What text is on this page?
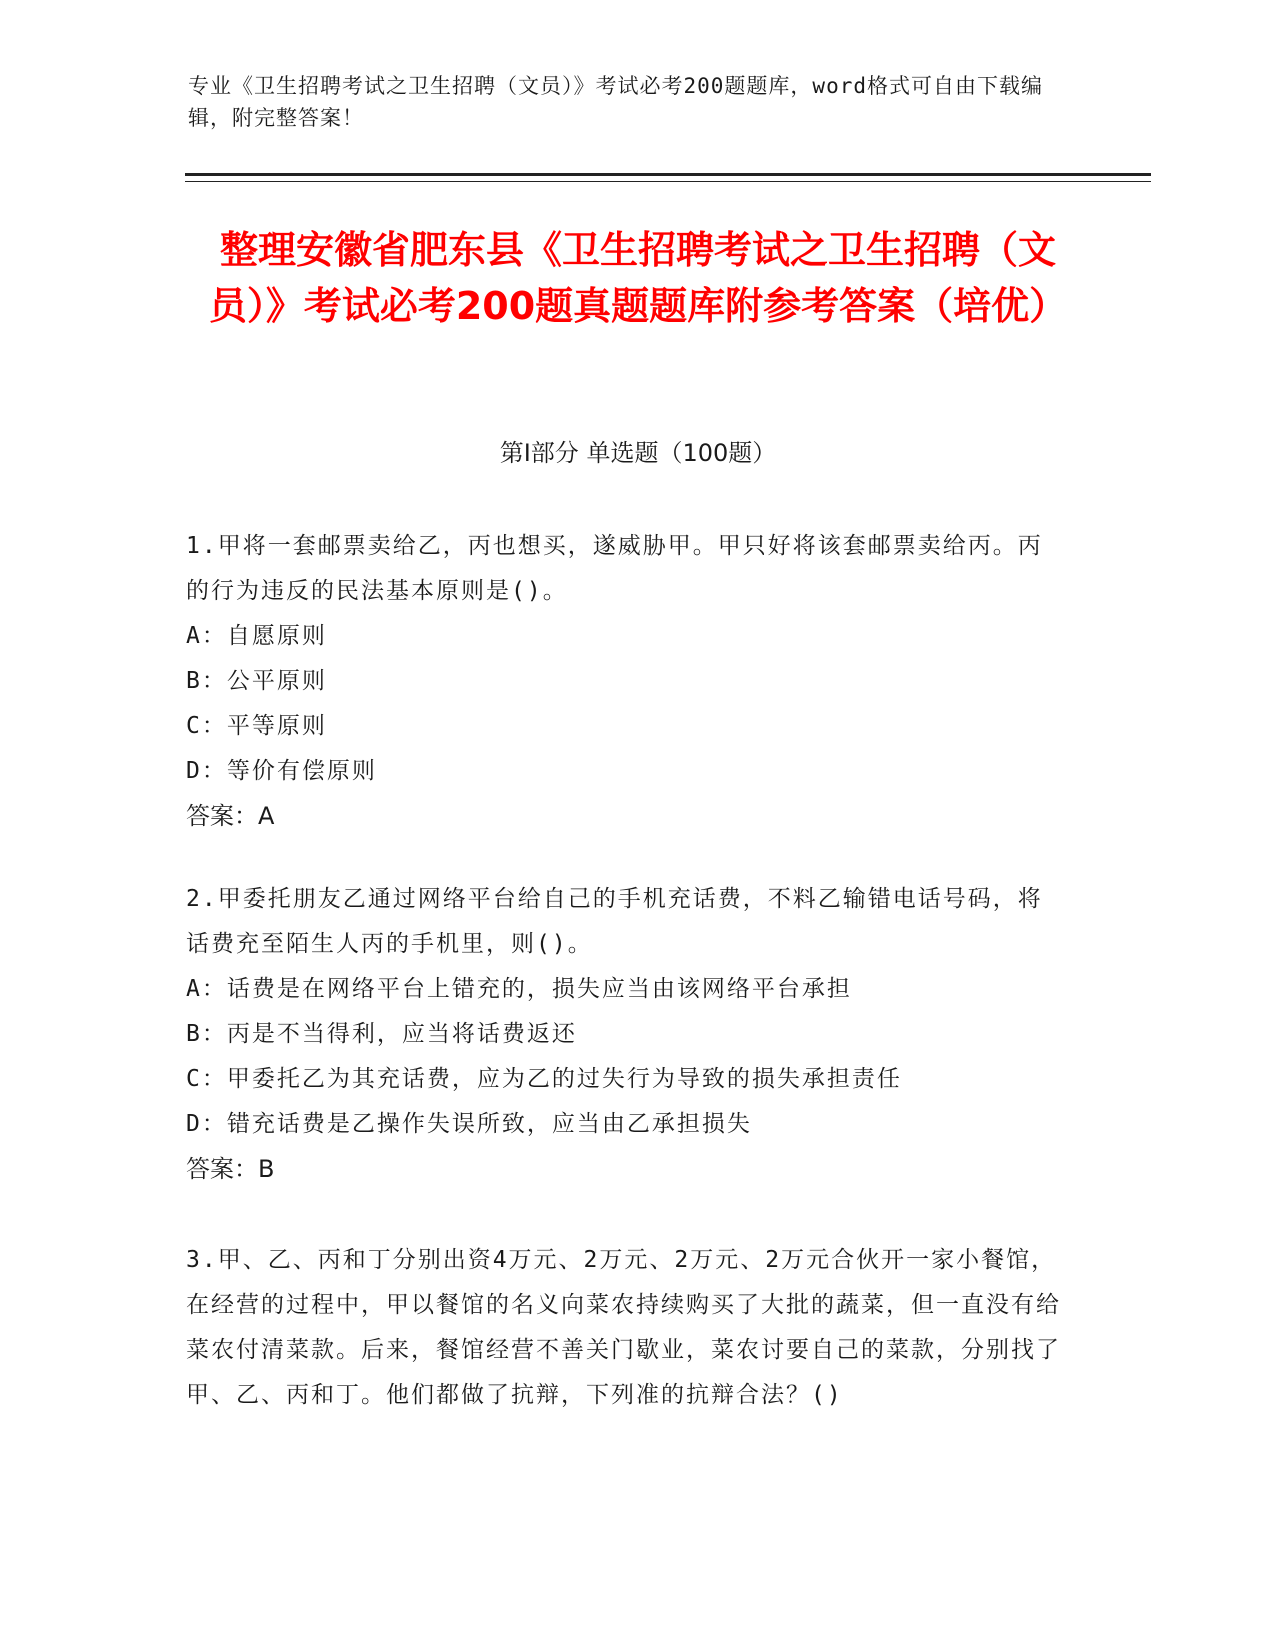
专业《卫生招聘考试之卫生招聘（文员）》考试必考200题题库，word格式可自由下载编辑，附完整答案！
整理安徽省肥东县《卫生招聘考试之卫生招聘（文员）》考试必考200题真题题库附参考答案（培优）
第Ⅰ部分 单选题（100题）
1.甲将一套邮票卖给乙，丙也想买，遂威胁甲。甲只好将该套邮票卖给丙。丙的行为违反的民法基本原则是()。
A：自愿原则
B：公平原则
C：平等原则
D：等价有偿原则
答案：A
2.甲委托朋友乙通过网络平台给自己的手机充话费，不料乙输错电话号码，将话费充至陌生人丙的手机里，则()。
A：话费是在网络平台上错充的，损失应当由该网络平台承担
B：丙是不当得利，应当将话费返还
C：甲委托乙为其充话费，应为乙的过失行为导致的损失承担责任
D：错充话费是乙操作失误所致，应当由乙承担损失
答案：B
3.甲、乙、丙和丁分别出资4万元、2万元、2万元、2万元合伙开一家小餐馆，在经营的过程中，甲以餐馆的名义向菜农持续购买了大批的蔬菜，但一直没有给菜农付清菜款。后来，餐馆经营不善关门歇业，菜农讨要自己的菜款，分别找了甲、乙、丙和丁。他们都做了抗辩，下列准的抗辩合法？()
